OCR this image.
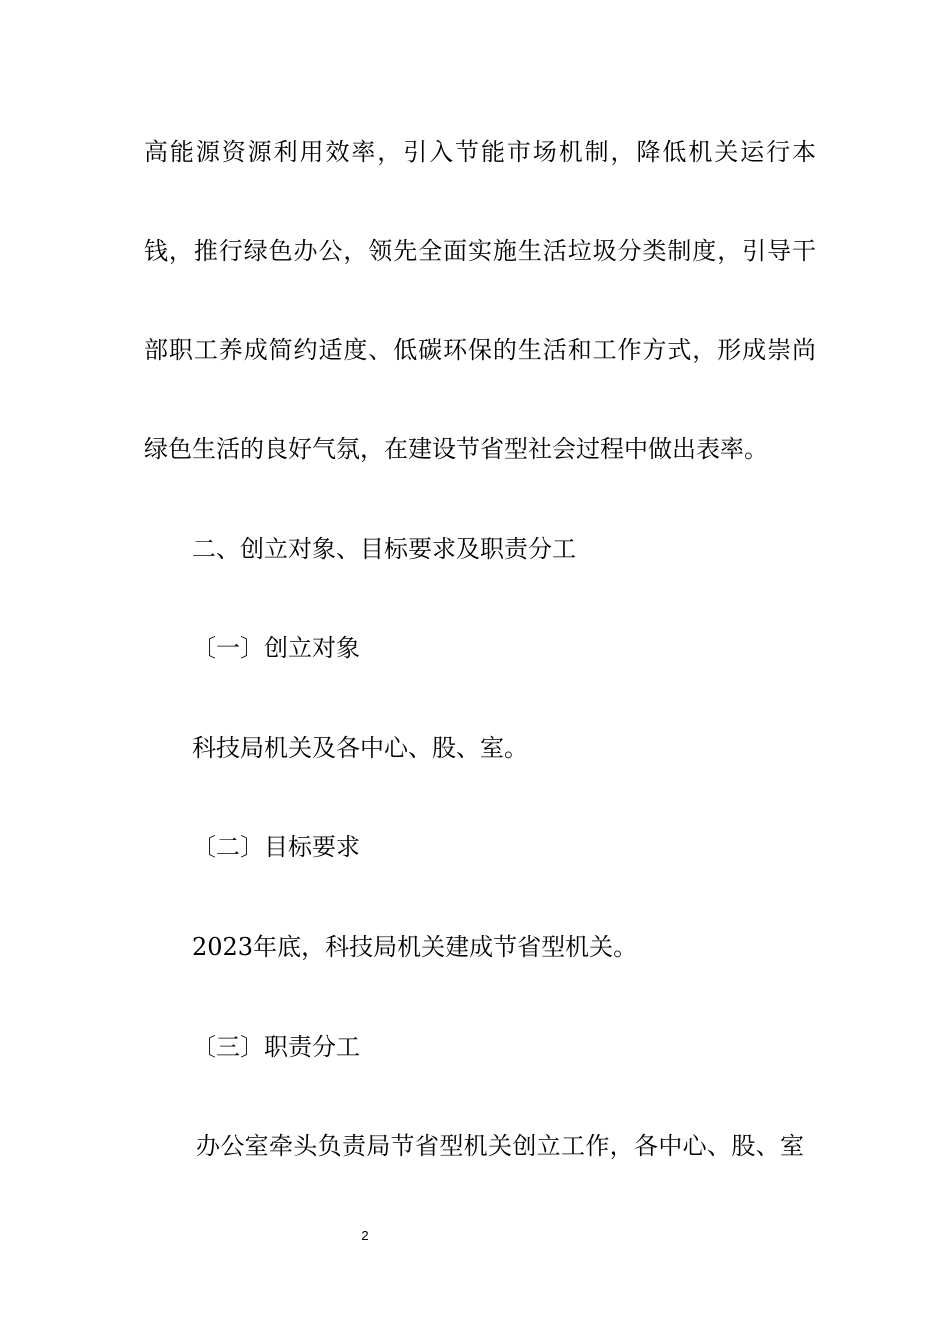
高能源资源利用效率，引入节能市场机制，降低机关运行本
钱，推行绿色办公，领先全面实施生活垃圾分类制度，引导干
部职工养成简约适度、低碳环保的生活和工作方式，形成崇尚
绿色生活的良好气氛，在建设节省型社会过程中做出表率。
二、创立对象、目标要求及职责分工
〔一〕创立对象
科技局机关及各中心、股、室。
〔二〕目标要求
2023年底，科技局机关建成节省型机关。
〔三〕职责分工
办公室牵头负责局节省型机关创立工作，各中心、股、室
2
